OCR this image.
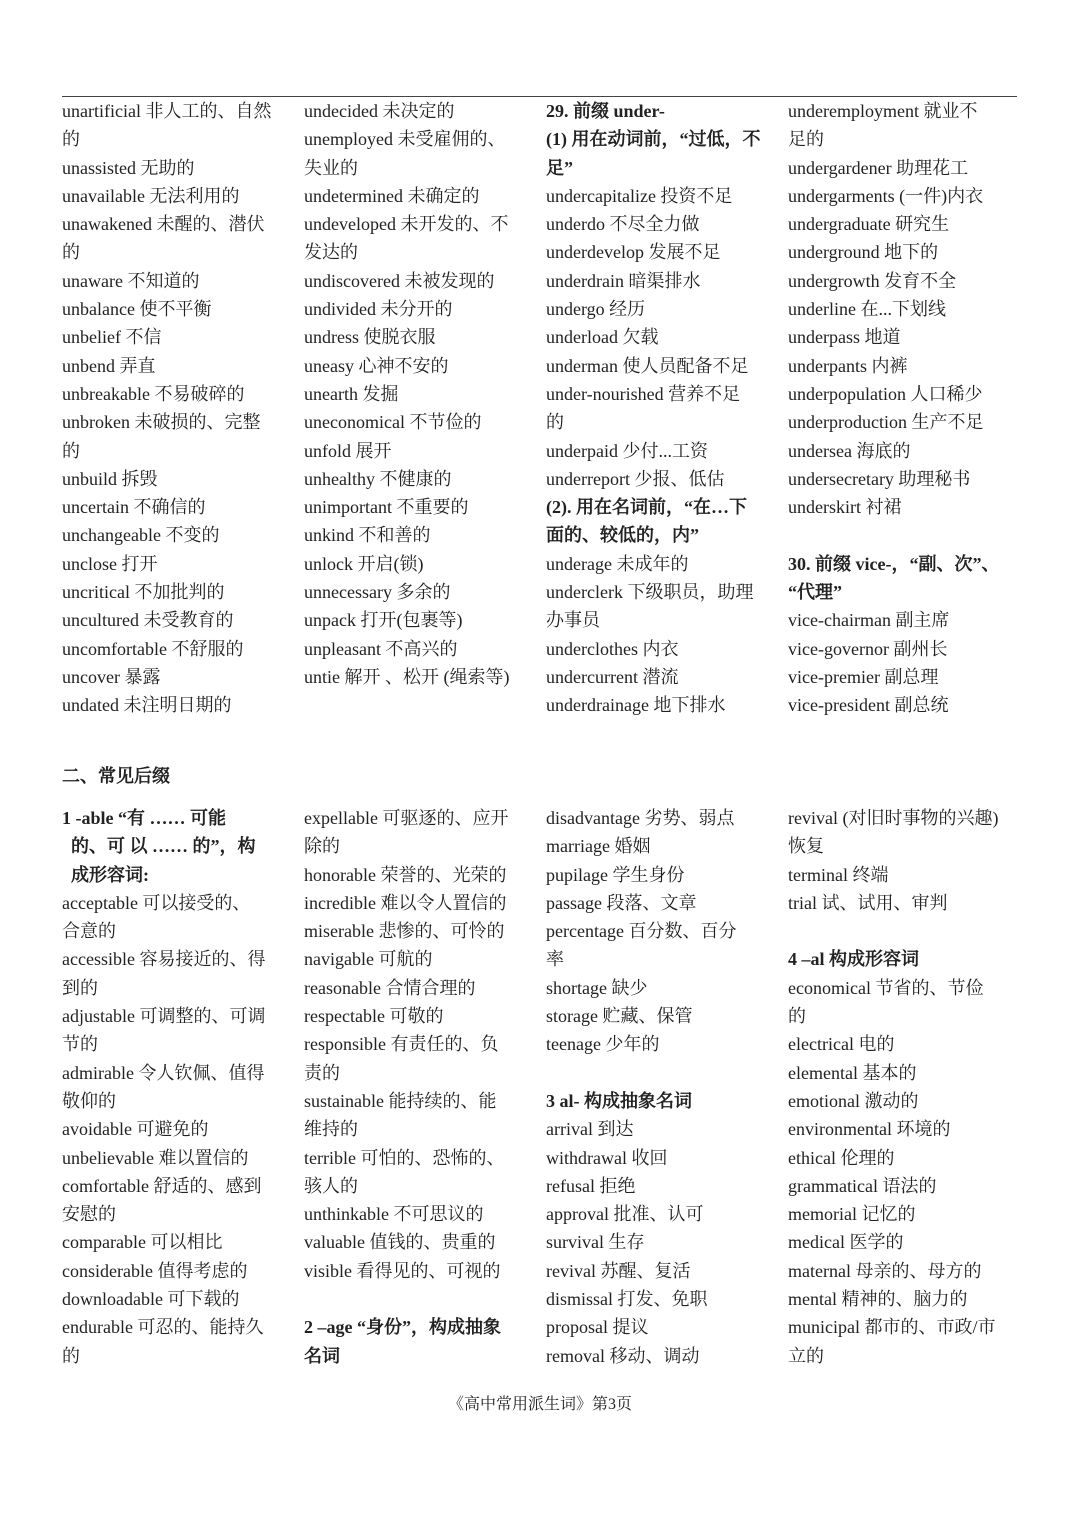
unartificial 非人工的、自然
的
unassisted 无助的
unavailable 无法利用的
unawakened 未醒的、潜伏
的
unaware 不知道的
unbalance 使不平衡
unbelief 不信
unbend 弄直
unbreakable 不易破碎的
unbroken 未破损的、完整
的
unbuild 拆毁
uncertain 不确信的
unchangeable 不变的
unclose 打开
uncritical 不加批判的
uncultured 未受教育的
uncomfortable 不舒服的
uncover 暴露
undated 未注明日期的
undecided 未决定的
unemployed 未受雇佣的、
失业的
undetermined 未确定的
undeveloped 未开发的、不
发达的
undiscovered 未被发现的
undivided 未分开的
undress 使脱衣服
uneasy 心神不安的
unearth 发掘
uneconomical 不节俭的
unfold 展开
unhealthy 不健康的
unimportant 不重要的
unkind 不和善的
unlock 开启(锁)
unnecessary 多余的
unpack 打开(包裹等)
unpleasant 不高兴的
untie 解开 、松开 (绳索等)
29. 前缀 under-
(1) 用在动词前，“过低，不
足”
undercapitalize 投资不足
underdo 不尽全力做
underdevelop 发展不足
underdrain 暗渠排水
undergo 经历
underload 欠载
underman 使人员配备不足
under-nourished 营养不足
的
underpaid 少付...工资
underreport 少报、低估
(2). 用在名词前，“在…下
面的、较低的，内”
underage 未成年的
underclerk 下级职员，助理
办事员
underclothes 内衣
undercurrent 潜流
underdrainage 地下排水
underemployment 就业不
足的
undergardener 助理花工
undergarments (一件)内衣
undergraduate 研究生
underground 地下的
undergrowth 发育不全
underline 在...下划线
underpass 地道
underpants 内裤
underpopulation 人口稀少
underproduction 生产不足
undersea 海底的
undersecretary 助理秘书
underskirt 衬裙
30. 前缀 vice-，“副、次”、
“代理”
vice-chairman 副主席
vice-governor 副州长
vice-premier 副总理
vice-president 副总统
二、常见后缀
1 -able “有 …… 可能
的、可 以 …… 的”，构
成形容词:
acceptable 可以接受的、
合意的
accessible 容易接近的、得
到的
adjustable 可调整的、可调
节的
admirable 令人钦佩、值得
敬仰的
avoidable 可避免的
unbelievable 难以置信的
comfortable 舒适的、感到
安慰的
comparable 可以相比
considerable 值得考虑的
downloadable 可下载的
endurable 可忍的、能持久
的
expellable 可驱逐的、应开
除的
honorable 荣誉的、光荣的
incredible 难以令人置信的
miserable 悲惨的、可怜的
navigable 可航的
reasonable 合情合理的
respectable 可敬的
responsible 有责任的、负
责的
sustainable 能持续的、能
维持的
terrible 可怕的、恐怖的、
骇人的
unthinkable 不可思议的
valuable 值钱的、贵重的
visible 看得见的、可视的
2 –age “身份”，构成抽象
名词
disadvantage 劣势、弱点
marriage 婚姻
pupilage 学生身份
passage 段落、文章
percentage 百分数、百分
率
shortage 缺少
storage 贮藏、保管
teenage 少年的
3 al- 构成抽象名词
arrival 到达
withdrawal 收回
refusal 拒绝
approval 批准、认可
survival 生存
revival 苏醒、复活
dismissal 打发、免职
proposal 提议
removal 移动、调动
revival (对旧时事物的兴趣)
恢复
terminal 终端
trial 试、试用、审判
4 –al 构成形容词
economical 节省的、节俭
的
electrical 电的
elemental 基本的
emotional 激动的
environmental 环境的
ethical 伦理的
grammatical 语法的
memorial 记忆的
medical 医学的
maternal 母亲的、母方的
mental 精神的、脑力的
municipal 都市的、市政/市
立的
《高中常用派生词》第3页
